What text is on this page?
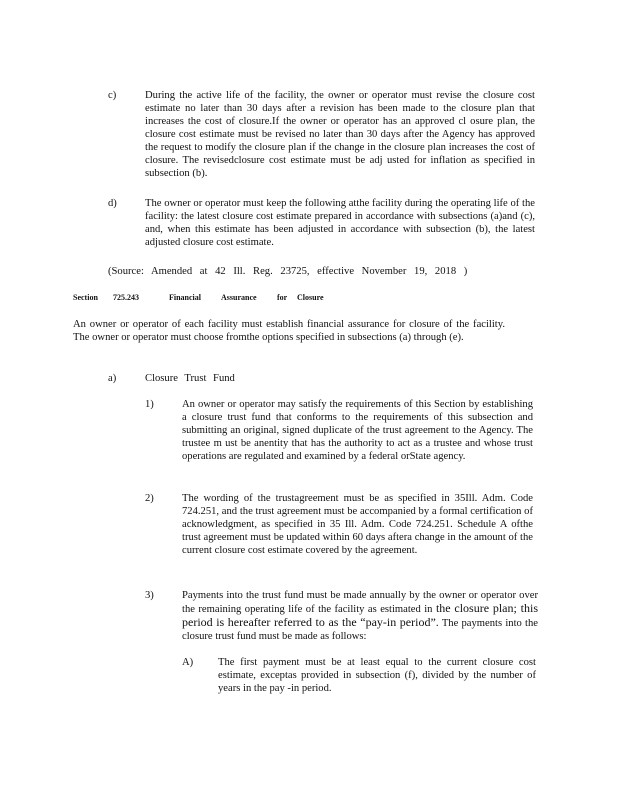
c)	During the active life of the facility, the owner or operator must revise the closure cost estimate no later than 30 days after a revision has been made to the closure plan that increases the cost of closure.If the owner or operator has an approved cl osure plan, the closure cost estimate must be revised no later than 30 days after the Agency has approved the request to modify the closure plan if the change in the closure plan increases the cost of closure. The revisedclosure cost estimate must be adj usted for inflation as specified in subsection (b).
d)	The owner or operator must keep the following atthe facility during the operating life of the facility: the latest closure cost estimate prepared in accordance with subsections (a)and (c), and, when this estimate has been adjusted in accordance with subsection (b), the latest adjusted closure cost estimate.
(Source: Amended at 42 Ill. Reg. 23725, effective November 19, 2018 )
Section 725.243	Financial Assurance	for Closure
An owner or operator of each facility must establish financial assurance for closure of the facility. The owner or operator must choose fromthe options specified in subsections (a) through (e).
a)	Closure Trust Fund
1)	An owner or operator may satisfy the requirements of this Section by establishing a closure trust fund that conforms to the requirements of this subsection and submitting an original, signed duplicate of the trust agreement to the Agency. The trustee m ust be anentity that has the authority to act as a trustee and whose trust operations are regulated and examined by a federal orState agency.
2)	The wording of the trustagreement must be as specified in 35Ill. Adm. Code 724.251, and the trust agreement must be accompanied by a formal certification of acknowledgment, as specified in 35 Ill. Adm. Code 724.251. Schedule A ofthe trust agreement must be updated within 60 days aftera change in the amount of the current closure cost estimate covered by the agreement.
3)	Payments into the trust fund must be made annually by the owner or operator over the remaining operating life of the facility as estimated in the closure plan; this period is hereafter referred to as the “pay-in period”. The payments into the closure trust fund must be made as follows:
A) The first payment must be at least equal to the current closure cost estimate, exceptas provided in subsection (f), divided by the number of years in the pay -in period.
